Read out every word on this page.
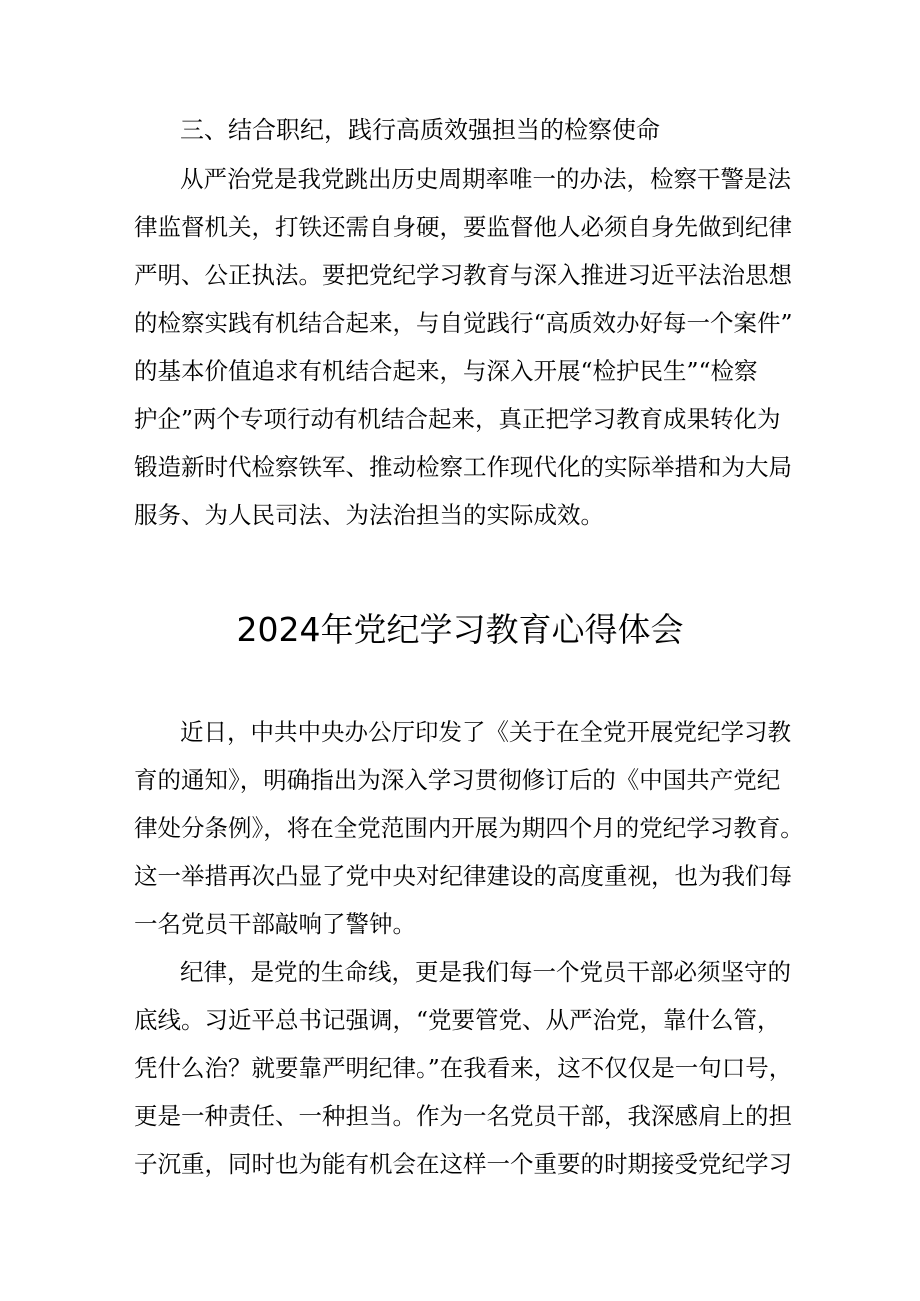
三、结合职纪，践行高质效强担当的检察使命

从严治党是我党跳出历史周期率唯一的办法，检察干警是法
律监督机关，打铁还需自身硬，要监督他人必须自身先做到纪律
严明、公正执法。要把党纪学习教育与深入推进习近平法治思想
的检察实践有机结合起来，与自觉践行“高质效办好每一个案件”
的基本价值追求有机结合起来，与深入开展“检护民生”“检察
护企”两个专项行动有机结合起来，真正把学习教育成果转化为
锻造新时代检察铁军、推动检察工作现代化的实际举措和为大局
服务、为人民司法、为法治担当的实际成效。

2024年党纪学习教育心得体会

近日，中共中央办公厅印发了《关于在全党开展党纪学习教
育的通知》，明确指出为深入学习贯彻修订后的《中国共产党纪
律处分条例》，将在全党范围内开展为期四个月的党纪学习教育。
这一举措再次凸显了党中央对纪律建设的高度重视，也为我们每
一名党员干部敲响了警钟。

纪律，是党的生命线，更是我们每一个党员干部必须坚守的
底线。习近平总书记强调，“党要管党、从严治党，靠什么管，
凭什么治？就要靠严明纪律。”在我看来，这不仅仅是一句口号，
更是一种责任、一种担当。作为一名党员干部，我深感肩上的担
子沉重，同时也为能有机会在这样一个重要的时期接受党纪学习
